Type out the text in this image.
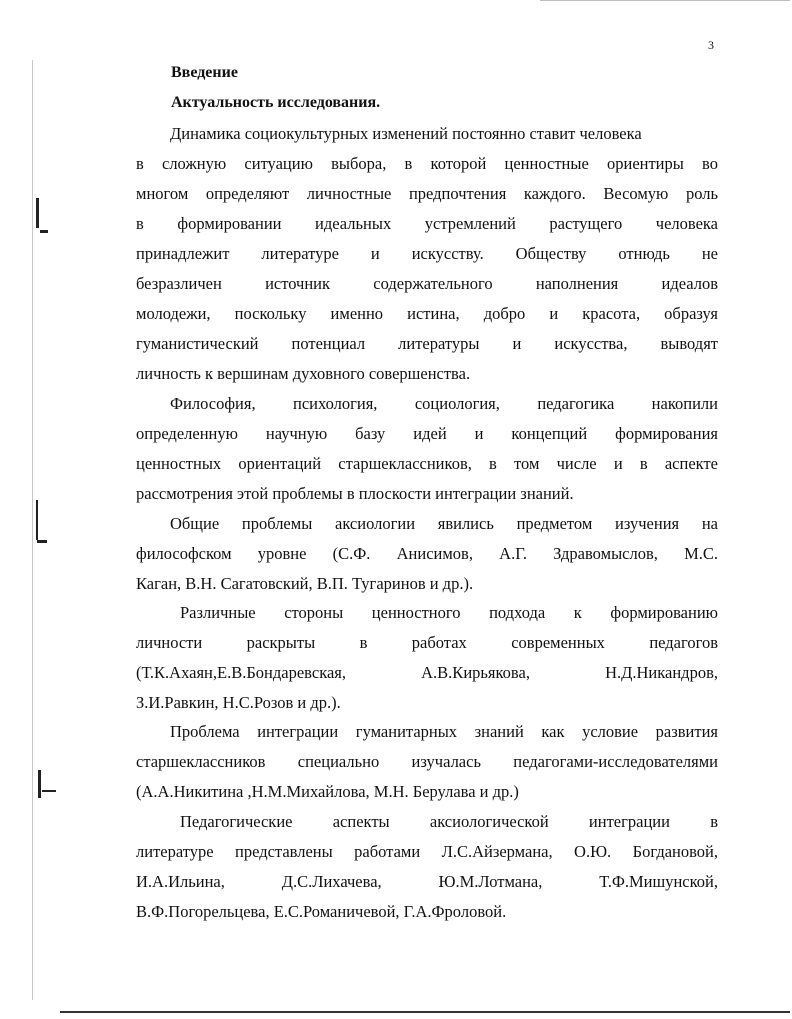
3
Введение
Актуальность исследования.
Динамика социокультурных изменений постоянно ставит человека
в сложную ситуацию выбора, в которой ценностные ориентиры во
многом определяют личностные предпочтения каждого. Весомую роль
в формировании идеальных устремлений растущего человека
принадлежит литературе и искусству. Обществу отнюдь не
безразличен источник содержательного наполнения идеалов
молодежи, поскольку именно истина, добро и красота, образуя
гуманистический потенциал литературы и искусства, выводят
личность к вершинам духовного совершенства.
Философия, психология, социология, педагогика накопили
определенную научную базу идей и концепций формирования
ценностных ориентаций старшеклассников, в том числе и в аспекте
рассмотрения этой проблемы в плоскости интеграции знаний.
Общие проблемы аксиологии явились предметом изучения на
философском уровне (С.Ф. Анисимов, А.Г. Здравомыслов, М.С.
Каган, В.Н. Сагатовский, В.П. Тугаринов и др.).
Различные стороны ценностного подхода к формированию
личности раскрыты в работах современных педагогов
(Т.К.Ахаян,Е.В.Бондаревская, А.В.Кирьякова, Н.Д.Никандров,
З.И.Равкин, Н.С.Розов и др.).
Проблема интеграции гуманитарных знаний как условие развития
старшеклассников специально изучалась педагогами-исследователями
(А.А.Никитина ,Н.М.Михайлова, М.Н. Берулава и др.)
Педагогические аспекты аксиологической интеграции в
литературе представлены работами Л.С.Айзермана, О.Ю. Богдановой,
И.А.Ильина, Д.С.Лихачева, Ю.М.Лотмана, Т.Ф.Мишунской,
В.Ф.Погорельцева, Е.С.Романичевой, Г.А.Фроловой.
